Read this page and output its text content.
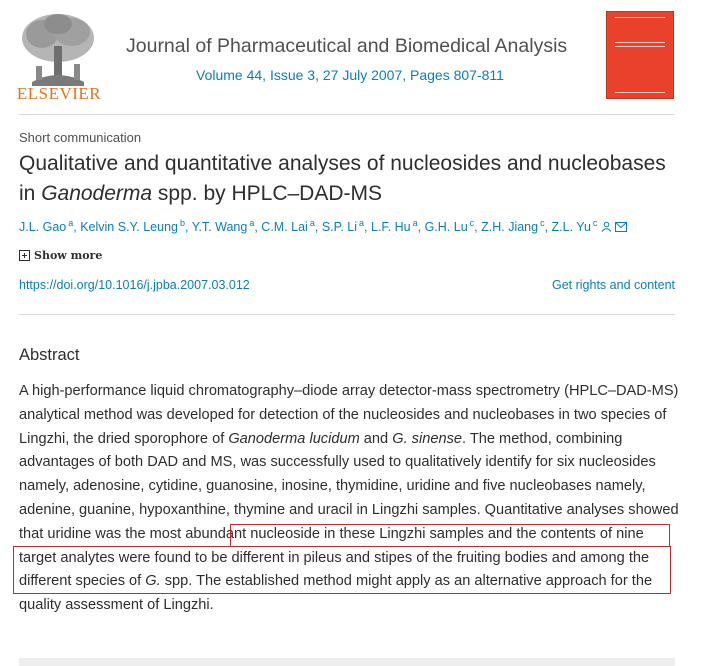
ELSEVIER
Journal of Pharmaceutical and Biomedical Analysis
Volume 44, Issue 3, 27 July 2007, Pages 807-811
Short communication
Qualitative and quantitative analyses of nucleosides and nucleobases in Ganoderma spp. by HPLC–DAD-MS
J.L. Gao $^a$, Kelvin S.Y. Leung $^b$, Y.T. Wang $^a$, C.M. Lai $^a$, S.P. Li $^a$, L.F. Hu $^a$, G.H. Lu $^c$, Z.H. Jiang $^c$, Z.L. Yu $^c$
Show more
https://doi.org/10.1016/j.jpba.2007.03.012	Get rights and content
Abstract
A high-performance liquid chromatography–diode array detector-mass spectrometry (HPLC–DAD-MS) analytical method was developed for detection of the nucleosides and nucleobases in two species of Lingzhi, the dried sporophore of Ganoderma lucidum and G. sinense. The method, combining advantages of both DAD and MS, was successfully used to qualitatively identify for six nucleosides namely, adenosine, cytidine, guanosine, inosine, thymidine, uridine and five nucleobases namely, adenine, guanine, hypoxanthine, thymine and uracil in Lingzhi samples. Quantitative analyses showed that uridine was the most abundant nucleoside in these Lingzhi samples and the contents of nine target analytes were found to be different in pileus and stipes of the fruiting bodies and among the different species of G. spp. The established method might apply as an alternative approach for the quality assessment of Lingzhi.
